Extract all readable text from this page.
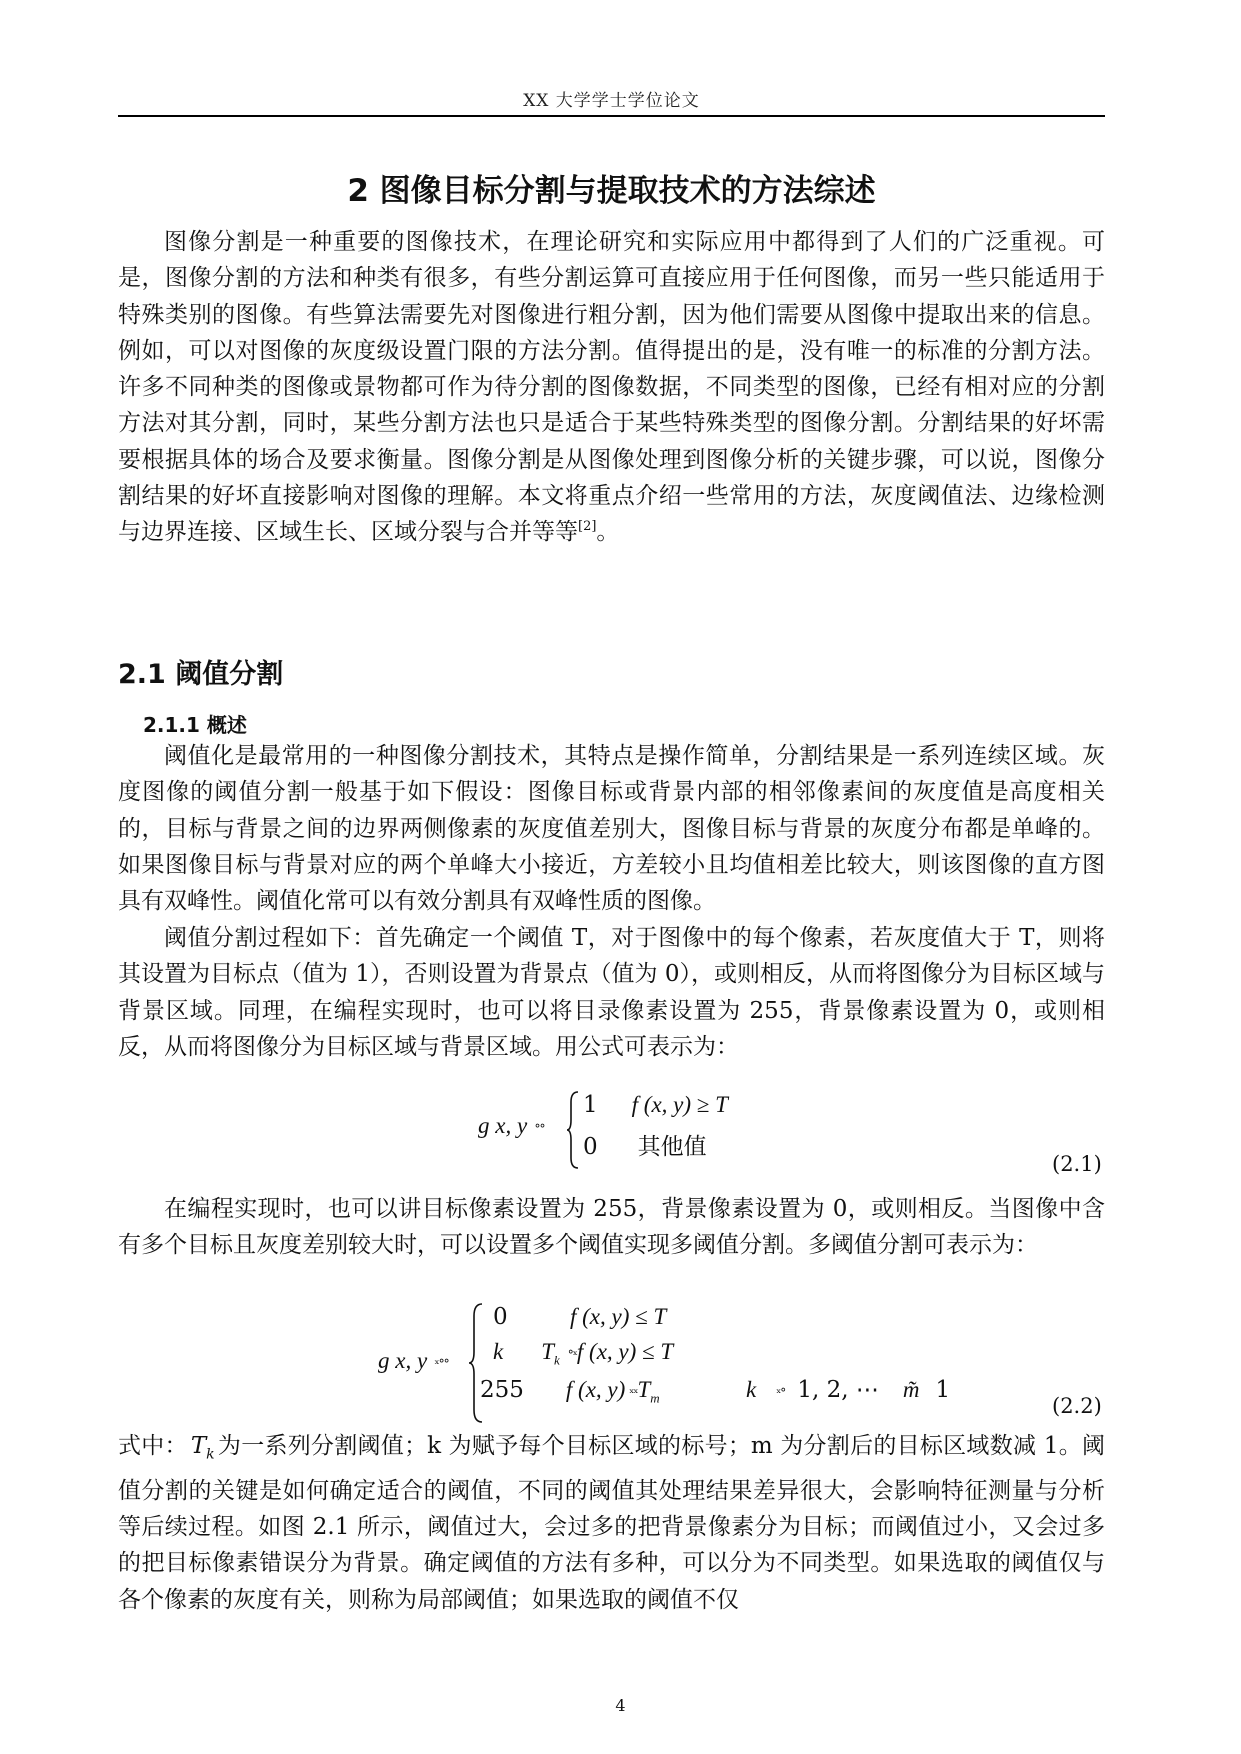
XX 大学学士学位论文
2 图像目标分割与提取技术的方法综述

图像分割是一种重要的图像技术，在理论研究和实际应用中都得到了人们的广泛重视。可是，图像分割的方法和种类有很多，有些分割运算可直接应用于任何图像，而另一些只能适用于特殊类别的图像。有些算法需要先对图像进行粗分割，因为他们需要从图像中提取出来的信息。例如，可以对图像的灰度级设置门限的方法分割。值得提出的是，没有唯一的标准的分割方法。许多不同种类的图像或景物都可作为待分割的图像数据，不同类型的图像，已经有相对应的分割方法对其分割，同时，某些分割方法也只是适合于某些特殊类型的图像分割。分割结果的好坏需要根据具体的场合及要求衡量。图像分割是从图像处理到图像分析的关键步骤，可以说，图像分割结果的好坏直接影响对图像的理解。本文将重点介绍一些常用的方法，灰度阈值法、边缘检测与边界连接、区域生长、区域分裂与合并等等[2]。

2.1 阈值分割
2.1.1 概述

阈值化是最常用的一种图像分割技术，其特点是操作简单，分割结果是一系列连续区域。灰度图像的阈值分割一般基于如下假设：图像目标或背景内部的相邻像素间的灰度值是高度相关的，目标与背景之间的边界两侧像素的灰度值差别大，图像目标与背景的灰度分布都是单峰的。如果图像目标与背景对应的两个单峰大小接近，方差较小且均值相差比较大，则该图像的直方图具有双峰性。阈值化常可以有效分割具有双峰性质的图像。

阈值分割过程如下：首先确定一个阈值 T，对于图像中的每个像素，若灰度值大于 T，则将其设置为目标点（值为 1），否则设置为背景点（值为 0），或则相反，从而将图像分为目标区域与背景区域。同理，在编程实现时，也可以将目录像素设置为 255，背景像素设置为 0，或则相反，从而将图像分为目标区域与背景区域。用公式可表示为：

g x, y °°
1 f (x, y) ≥ T
0 其他值
(2.1)

在编程实现时，也可以讲目标像素设置为 255，背景像素设置为 0，或则相反。当图像中含有多个目标且灰度差别较大时，可以设置多个阈值实现多阈值分割。多阈值分割可表示为：

g x, y ˣ°°
0	f (x, y) ≤ T
k $T_k$ °ˣf (x, y) ≤ T
255 f (x, y) ˣˣT$_m$	k ˣ° 1, 2, ⋯ m̃ 1
(2.2)

式中： $T_k$ 为一系列分割阈值；k 为赋予每个目标区域的标号；m 为分割后的目标区域数减 1。阈值分割的关键是如何确定适合的阈值，不同的阈值其处理结果差异很大，会影响特征测量与分析等后续过程。如图 2.1 所示，阈值过大，会过多的把背景像素分为目标；而阈值过小，又会过多的把目标像素错误分为背景。确定阈值的方法有多种，可以分为不同类型。如果选取的阈值仅与各个像素的灰度有关，则称为局部阈值；如果选取的阈值不仅

4
